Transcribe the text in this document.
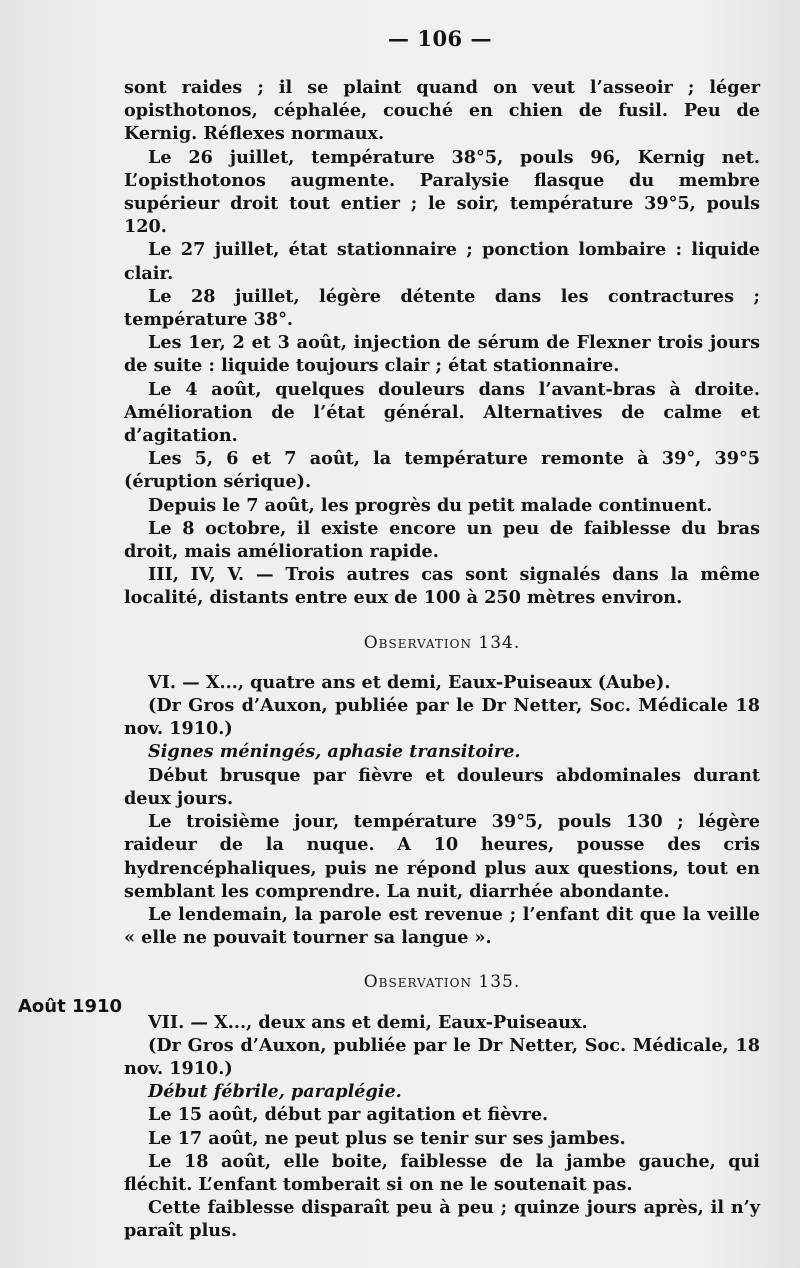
— 106 —
Août 1910

sont raides ; il se plaint quand on veut l’asseoir ; léger opisthotonos, céphalée, couché en chien de fusil. Peu de Kernig. Réflexes normaux.

Le 26 juillet, température 38°5, pouls 96, Kernig net. L’opisthotonos augmente. Paralysie flasque du membre supérieur droit tout entier ; le soir, température 39°5, pouls 120.

Le 27 juillet, état stationnaire ; ponction lombaire : liquide clair.

Le 28 juillet, légère détente dans les contractures ; température 38°.

Les 1er, 2 et 3 août, injection de sérum de Flexner trois jours de suite : liquide toujours clair ; état stationnaire.

Le 4 août, quelques douleurs dans l’avant-bras à droite. Amélioration de l’état général. Alternatives de calme et d’agitation.

Les 5, 6 et 7 août, la température remonte à 39°, 39°5 (éruption sérique).

Depuis le 7 août, les progrès du petit malade continuent.

Le 8 octobre, il existe encore un peu de faiblesse du bras droit, mais amélioration rapide.

III, IV, V. — Trois autres cas sont signalés dans la même localité, distants entre eux de 100 à 250 mètres environ.

Observation 134.

VI. — X..., quatre ans et demi, Eaux-Puiseaux (Aube).

(Dr Gros d’Auxon, publiée par le Dr Netter, Soc. Médicale 18 nov. 1910.)

Signes méningés, aphasie transitoire.

Début brusque par fièvre et douleurs abdominales durant deux jours.

Le troisième jour, température 39°5, pouls 130 ; légère raideur de la nuque. A 10 heures, pousse des cris hydrencéphaliques, puis ne répond plus aux questions, tout en semblant les comprendre. La nuit, diarrhée abondante.

Le lendemain, la parole est revenue ; l’enfant dit que la veille « elle ne pouvait tourner sa langue ».

Observation 135.

VII. — X..., deux ans et demi, Eaux-Puiseaux.

(Dr Gros d’Auxon, publiée par le Dr Netter, Soc. Médicale, 18 nov. 1910.)

Début fébrile, paraplégie.

Le 15 août, début par agitation et fièvre.

Le 17 août, ne peut plus se tenir sur ses jambes.

Le 18 août, elle boite, faiblesse de la jambe gauche, qui fléchit. L’enfant tomberait si on ne le soutenait pas.

Cette faiblesse disparaît peu à peu ; quinze jours après, il n’y paraît plus.
